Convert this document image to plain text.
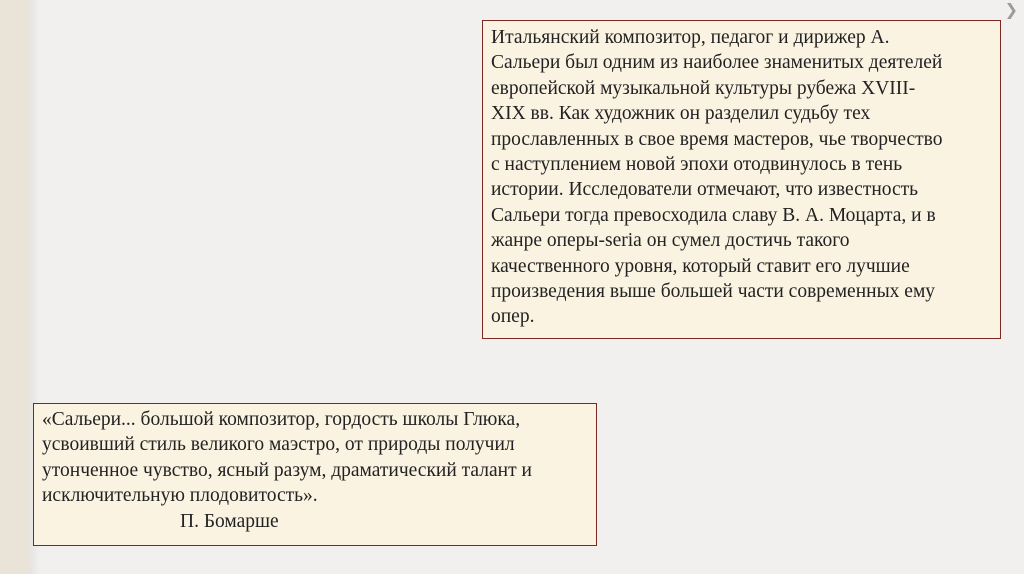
❯

Итальянский композитор, педагог и дирижер А.
Сальери был одним из наиболее знаменитых деятелей
европейской музыкальной культуры рубежа XVIII-
XIX вв. Как художник он разделил судьбу тех
прославленных в свое время мастеров, чье творчество
с наступлением новой эпохи отодвинулось в тень
истории. Исследователи отмечают, что известность
Сальери тогда превосходила славу В. А. Моцарта, и в
жанре оперы-seria он сумел достичь такого
качественного уровня, который ставит его лучшие
произведения выше большей части современных ему
опер.

«Сальери... большой композитор, гордость школы Глюка,
усвоивший стиль великого маэстро, от природы получил
утонченное чувство, ясный разум, драматический талант и
исключительную плодовитость».

П. Бомарше
